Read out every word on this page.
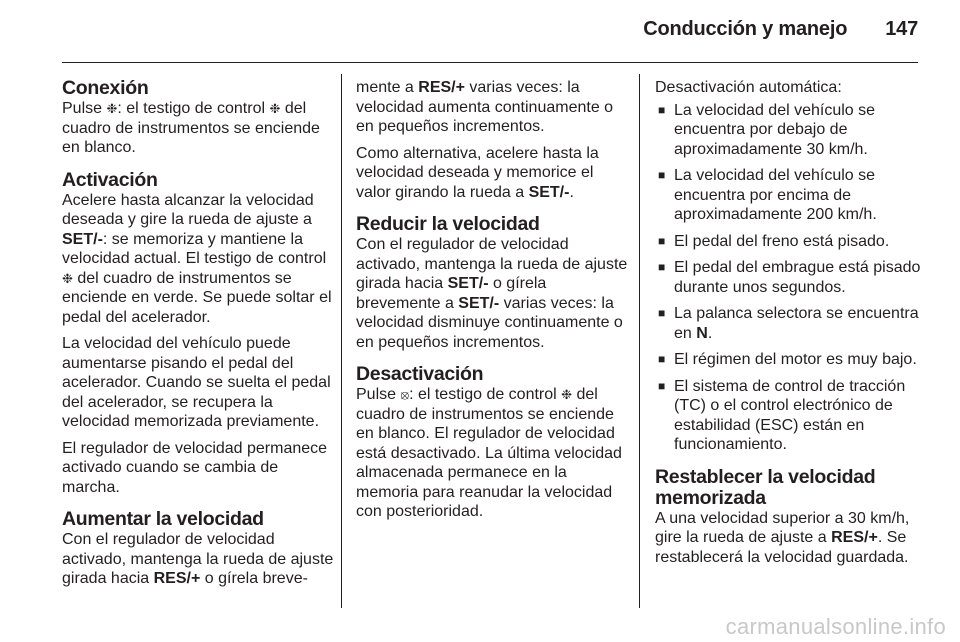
Conducción y manejo 147
Conexión

Pulse ❉: el testigo de control ❉ del cuadro de instrumentos se enciende en blanco.

Activación

Acelere hasta alcanzar la velocidad deseada y gire la rueda de ajuste a SET/-: se memoriza y mantiene la velocidad actual. El testigo de control ❉ del cuadro de instrumentos se enciende en verde. Se puede soltar el pedal del acelerador.

La velocidad del vehículo puede aumentarse pisando el pedal del acelerador. Cuando se suelta el pedal del acelerador, se recupera la velocidad memorizada previamente.

El regulador de velocidad permanece activado cuando se cambia de marcha.

Aumentar la velocidad

Con el regulador de velocidad activado, mantenga la rueda de ajuste girada hacia RES/+ o gírela breve-

mente a RES/+ varias veces: la velocidad aumenta continuamente o en pequeños incrementos.

Como alternativa, acelere hasta la velocidad deseada y memorice el valor girando la rueda a SET/-.

Reducir la velocidad

Con el regulador de velocidad activado, mantenga la rueda de ajuste girada hacia SET/- o gírela brevemente a SET/- varias veces: la velocidad disminuye continuamente o en pequeños incrementos.

Desactivación

Pulse ⦻: el testigo de control ❉ del cuadro de instrumentos se enciende en blanco. El regulador de velocidad está desactivado. La última velocidad almacenada permanece en la memoria para reanudar la velocidad con posterioridad.

Desactivación automática:

■ La velocidad del vehículo se encuentra por debajo de aproximadamente 30 km/h.
■ La velocidad del vehículo se encuentra por encima de aproximadamente 200 km/h.
■ El pedal del freno está pisado.
■ El pedal del embrague está pisado durante unos segundos.
■ La palanca selectora se encuentra en N.
■ El régimen del motor es muy bajo.
■ El sistema de control de tracción (TC) o el control electrónico de estabilidad (ESC) están en funcionamiento.
Restablecer la velocidad memorizada

A una velocidad superior a 30 km/h, gire la rueda de ajuste a RES/+. Se restablecerá la velocidad guardada.

carmanualsonline.info
